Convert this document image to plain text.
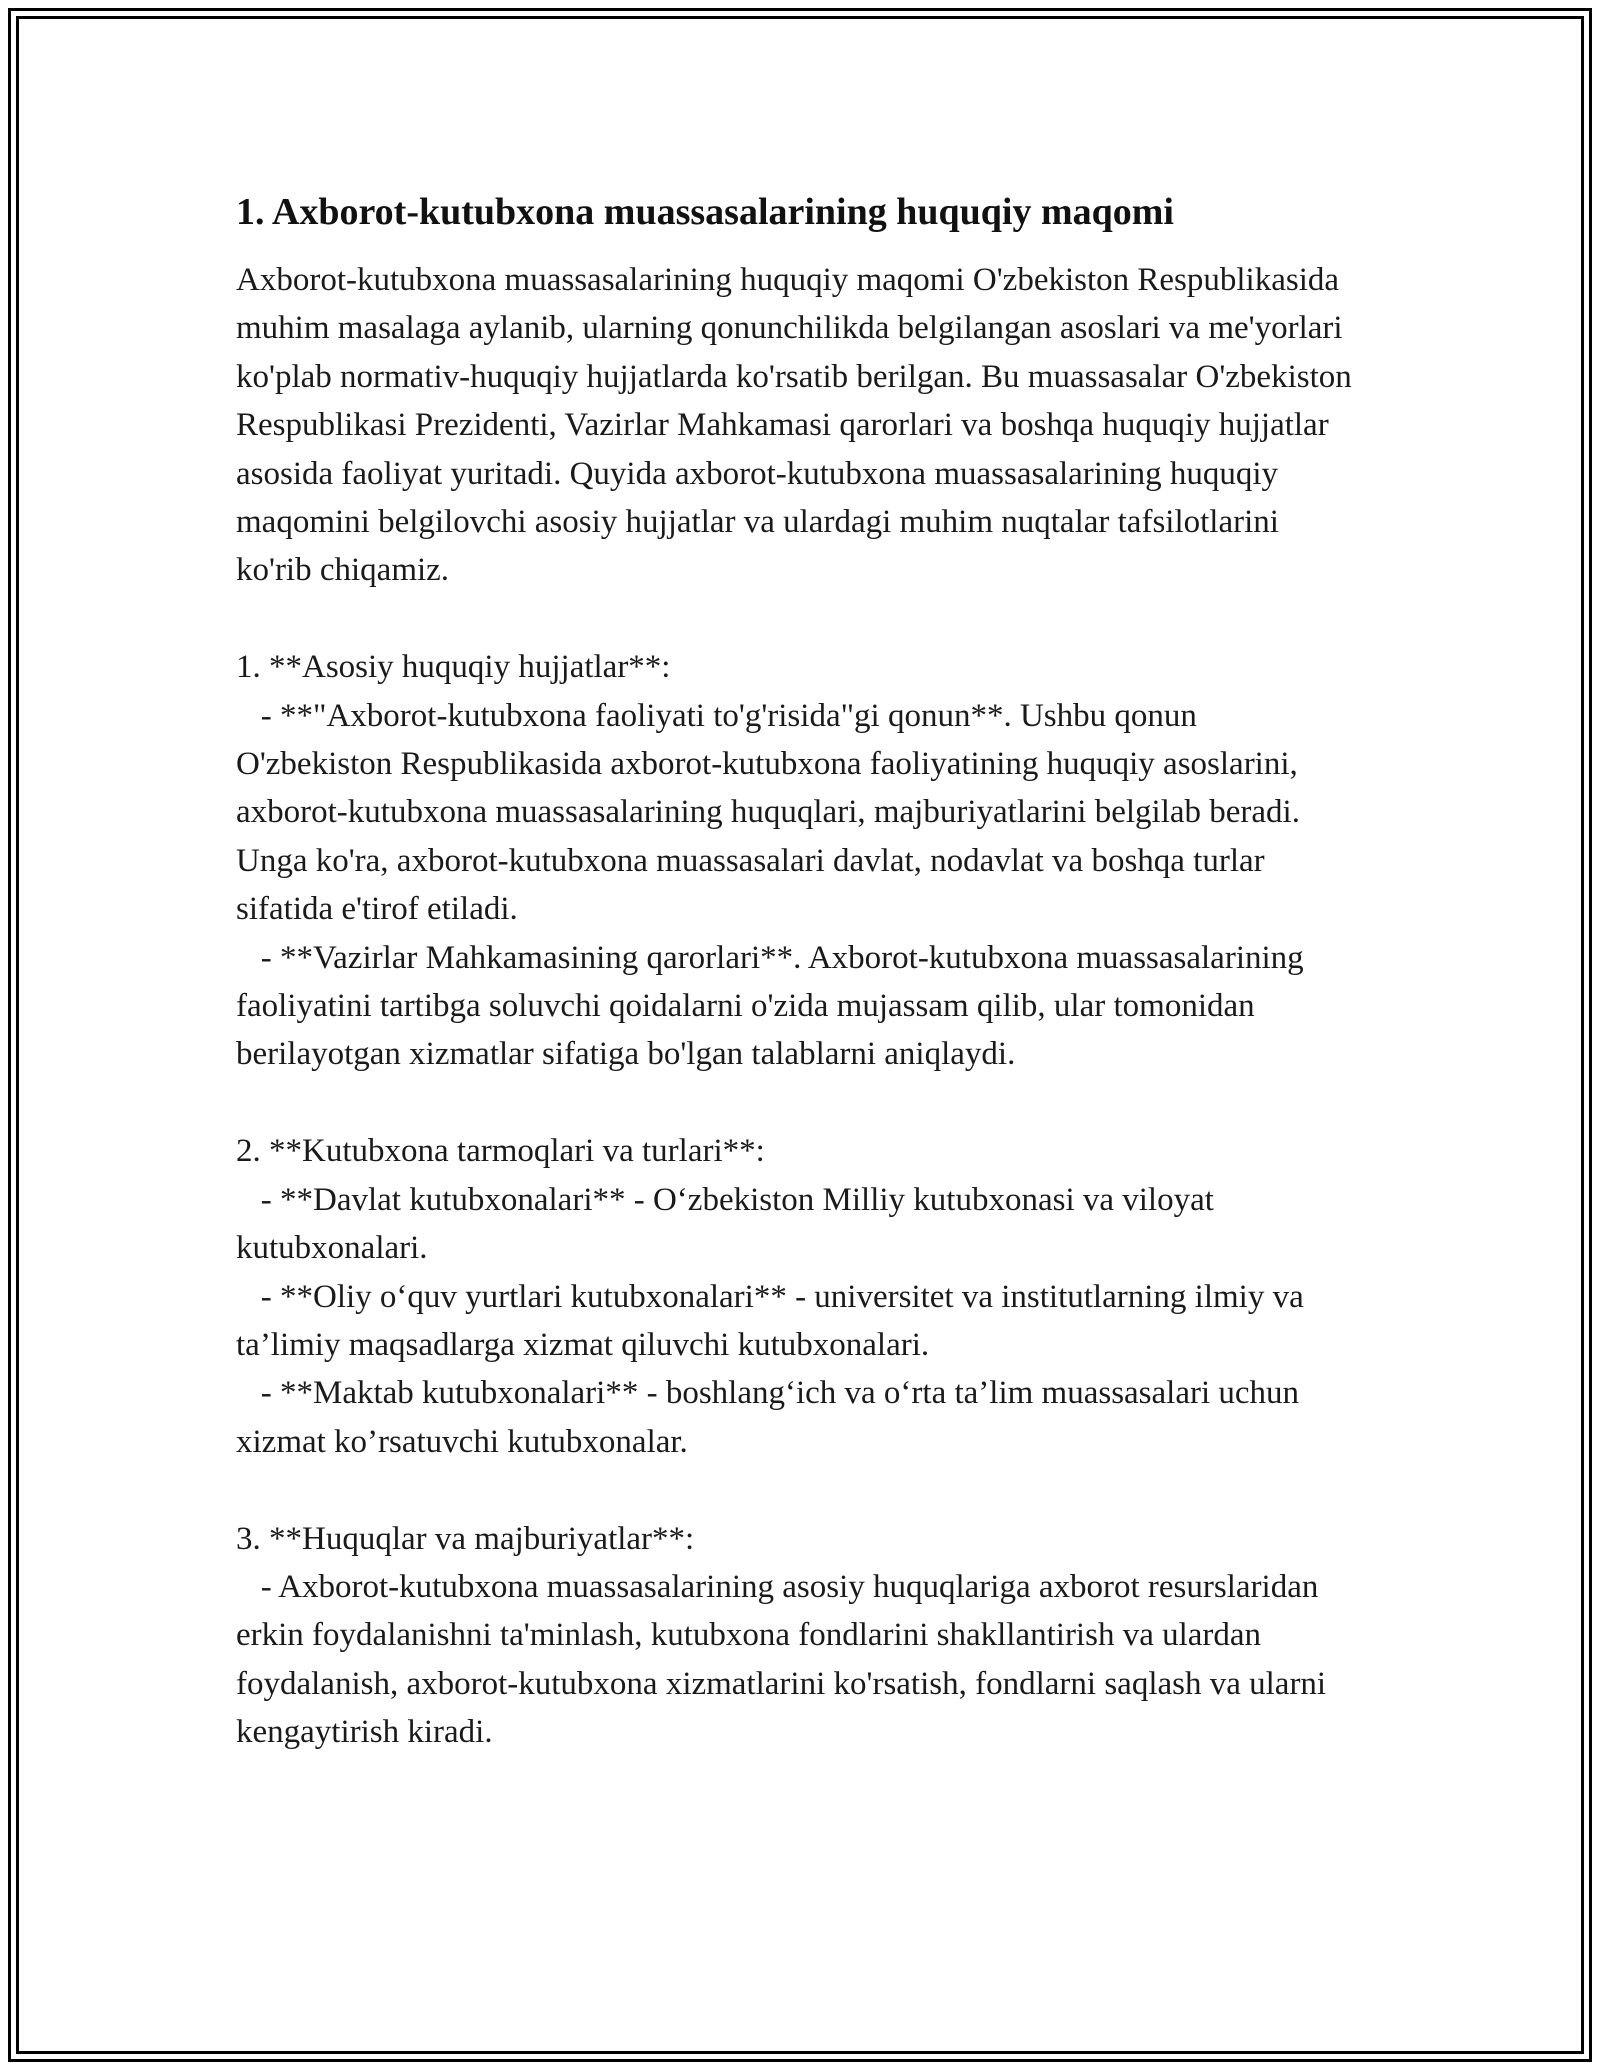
1. Axborot-kutubxona muassasalarining huquqiy maqomi

Axborot-kutubxona muassasalarining huquqiy maqomi O'zbekiston Respublikasida muhim masalaga aylanib, ularning qonunchilikda belgilangan asoslari va me'yorlari ko'plab normativ-huquqiy hujjatlarda ko'rsatib berilgan. Bu muassasalar O'zbekiston Respublikasi Prezidenti, Vazirlar Mahkamasi qarorlari va boshqa huquqiy hujjatlar asosida faoliyat yuritadi. Quyida axborot-kutubxona muassasalarining huquqiy maqomini belgilovchi asosiy hujjatlar va ulardagi muhim nuqtalar tafsilotlarini ko'rib chiqamiz.

1. **Asosiy huquqiy hujjatlar**:

- **"Axborot-kutubxona faoliyati to'g'risida"gi qonun**. Ushbu qonun O'zbekiston Respublikasida axborot-kutubxona faoliyatining huquqiy asoslarini, axborot-kutubxona muassasalarining huquqlari, majburiyatlarini belgilab beradi. Unga ko'ra, axborot-kutubxona muassasalari davlat, nodavlat va boshqa turlar sifatida e'tirof etiladi.

- **Vazirlar Mahkamasining qarorlari**. Axborot-kutubxona muassasalarining faoliyatini tartibga soluvchi qoidalarni o'zida mujassam qilib, ular tomonidan berilayotgan xizmatlar sifatiga bo'lgan talablarni aniqlaydi.

2. **Kutubxona tarmoqlari va turlari**:

- **Davlat kutubxonalari** - O‘zbekiston Milliy kutubxonasi va viloyat kutubxonalari.

- **Oliy o‘quv yurtlari kutubxonalari** - universitet va institutlarning ilmiy va ta’limiy maqsadlarga xizmat qiluvchi kutubxonalari.

- **Maktab kutubxonalari** - boshlang‘ich va o‘rta ta’lim muassasalari uchun xizmat ko’rsatuvchi kutubxonalar.

3. **Huquqlar va majburiyatlar**:

- Axborot-kutubxona muassasalarining asosiy huquqlariga axborot resurslaridan erkin foydalanishni ta'minlash, kutubxona fondlarini shakllantirish va ulardan foydalanish, axborot-kutubxona xizmatlarini ko'rsatish, fondlarni saqlash va ularni kengaytirish kiradi.
